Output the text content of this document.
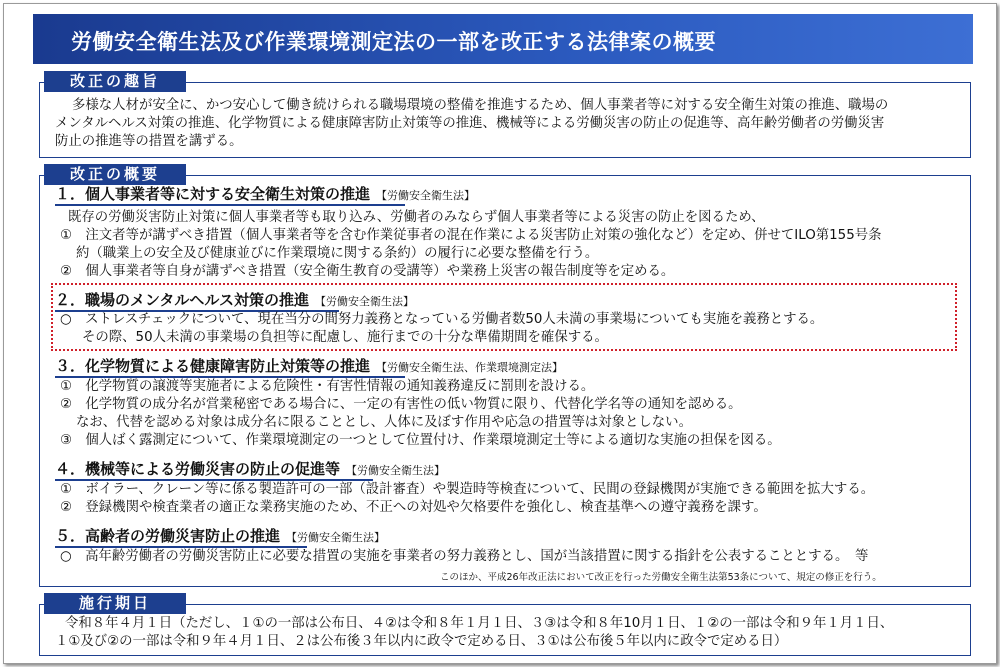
労働安全衛生法及び作業環境測定法の一部を改正する法律案の概要
改正の趣旨
多様な人材が安全に、かつ安心して働き続けられる職場環境の整備を推進するため、個人事業者等に対する安全衛生対策の推進、職場の
メンタルヘルス対策の推進、化学物質による健康障害防止対策等の推進、機械等による労働災害の防止の促進等、高年齢労働者の労働災害
防止の推進等の措置を講ずる。
改正の概要
１．個人事業者等に対する安全衛生対策の推進 【労働安全衛生法】
既存の労働災害防止対策に個人事業者等も取り込み、労働者のみならず個人事業者等による災害の防止を図るため、
①　注文者等が講ずべき措置（個人事業者等を含む作業従事者の混在作業による災害防止対策の強化など）を定め、併せてILO第155号条
約（職業上の安全及び健康並びに作業環境に関する条約）の履行に必要な整備を行う。
②　個人事業者等自身が講ずべき措置（安全衛生教育の受講等）や業務上災害の報告制度等を定める。
２．職場のメンタルヘルス対策の推進 【労働安全衛生法】
○　ストレスチェックについて、現在当分の間努力義務となっている労働者数50人未満の事業場についても実施を義務とする。
その際、50人未満の事業場の負担等に配慮し、施行までの十分な準備期間を確保する。
３．化学物質による健康障害防止対策等の推進 【労働安全衛生法、作業環境測定法】
①　化学物質の譲渡等実施者による危険性・有害性情報の通知義務違反に罰則を設ける。
②　化学物質の成分名が営業秘密である場合に、一定の有害性の低い物質に限り、代替化学名等の通知を認める。
なお、代替を認める対象は成分名に限ることとし、人体に及ぼす作用や応急の措置等は対象としない。
③　個人ばく露測定について、作業環境測定の一つとして位置付け、作業環境測定士等による適切な実施の担保を図る。
４．機械等による労働災害の防止の促進等 【労働安全衛生法】
①　ボイラー、クレーン等に係る製造許可の一部（設計審査）や製造時等検査について、民間の登録機関が実施できる範囲を拡大する。
②　登録機関や検査業者の適正な業務実施のため、不正への対処や欠格要件を強化し、検査基準への遵守義務を課す。
５．高齢者の労働災害防止の推進 【労働安全衛生法】
○　高年齢労働者の労働災害防止に必要な措置の実施を事業者の努力義務とし、国が当該措置に関する指針を公表することとする。　等
このほか、平成26年改正法において改正を行った労働安全衛生法第53条について、規定の修正を行う。
施行期日
令和８年４月１日（ただし、１①の一部は公布日、４②は令和８年１月１日、３③は令和８年10月１日、１②の一部は令和９年１月１日、
１①及び②の一部は令和９年４月１日、２は公布後３年以内に政令で定める日、３①は公布後５年以内に政令で定める日）
